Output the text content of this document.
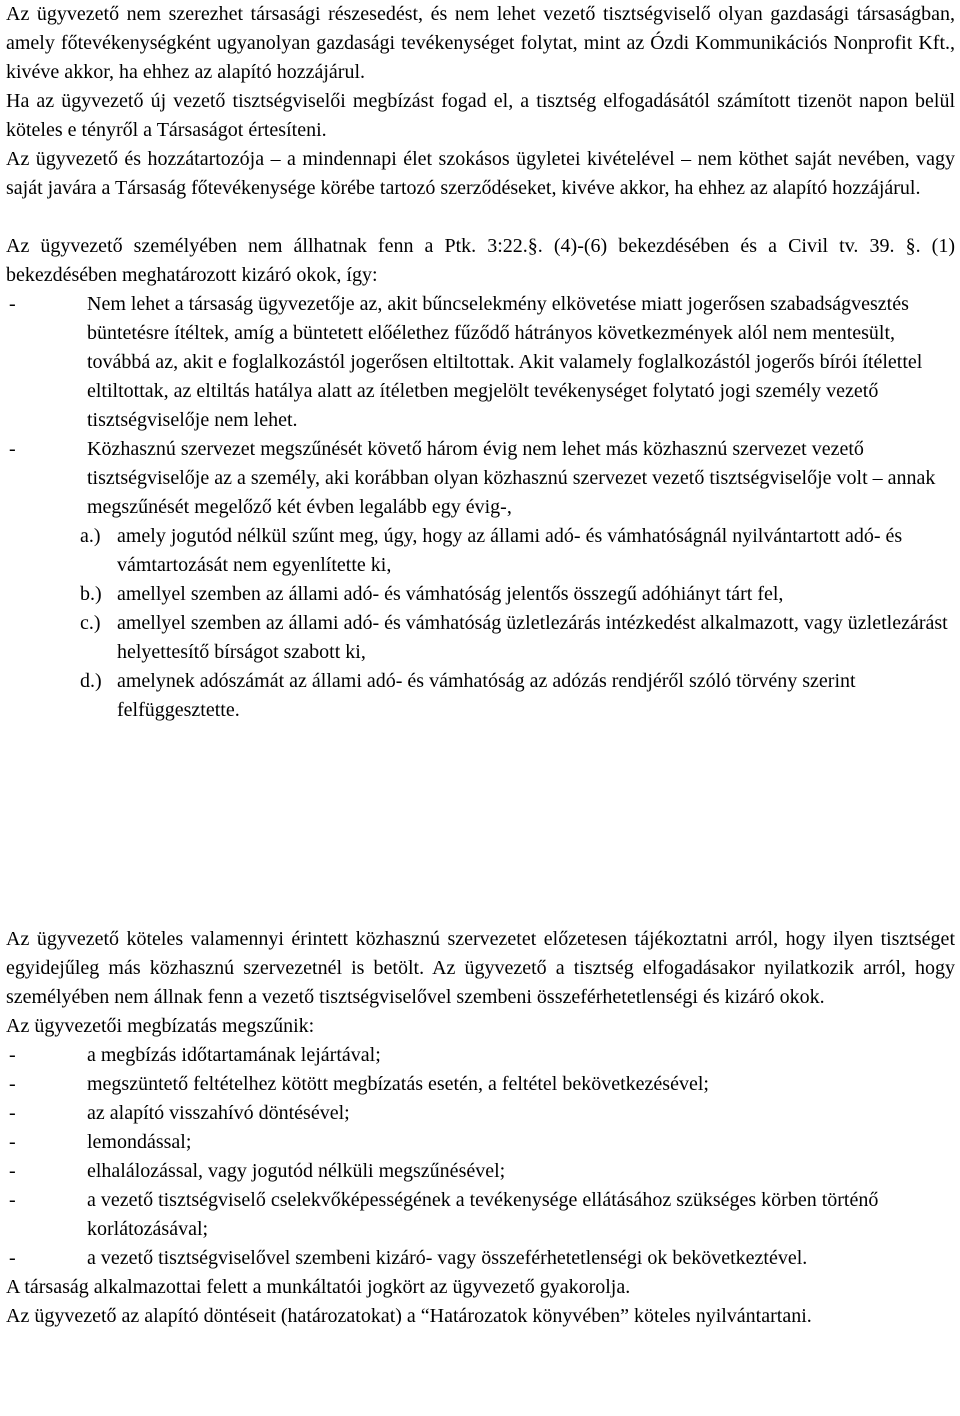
Az ügyvezető nem szerezhet társasági részesedést, és nem lehet vezető tisztségviselő olyan gazdasági társaságban, amely főtevékenységként ugyanolyan gazdasági tevékenységet folytat, mint az Ózdi Kommunikációs Nonprofit Kft., kivéve akkor, ha ehhez az alapító hozzájárul.

Ha az ügyvezető új vezető tisztségviselői megbízást fogad el, a tisztség elfogadásától számított tizenöt napon belül köteles e tényről a Társaságot értesíteni.

Az ügyvezető és hozzátartozója – a mindennapi élet szokásos ügyletei kivételével – nem köthet saját nevében, vagy saját javára a Társaság főtevékenysége körébe tartozó szerződéseket, kivéve akkor, ha ehhez az alapító hozzájárul.

Az ügyvezető személyében nem állhatnak fenn a Ptk. 3:22.§. (4)-(6) bekezdésében és a Civil tv. 39. §. (1) bekezdésében meghatározott kizáró okok, így:

-	Nem lehet a társaság ügyvezetője az, akit bűncselekmény elkövetése miatt jogerősen szabadságvesztés büntetésre ítéltek, amíg a büntetett előélethez fűződő hátrányos következmények alól nem mentesült, továbbá az, akit e foglalkozástól jogerősen eltiltottak. Akit valamely foglalkozástól jogerős bírói ítélettel eltiltottak, az eltiltás hatálya alatt az ítéletben megjelölt tevékenységet folytató jogi személy vezető tisztségviselője nem lehet.
-	Közhasznú szervezet megszűnését követő három évig nem lehet más közhasznú szervezet vezető tisztségviselője az a személy, aki korábban olyan közhasznú szervezet vezető tisztségviselője volt – annak megszűnését megelőző két évben legalább egy évig-,
a.) amely jogutód nélkül szűnt meg, úgy, hogy az állami adó- és vámhatóságnál nyilvántartott adó- és vámtartozását nem egyenlítette ki,
b.) amellyel szemben az állami adó- és vámhatóság jelentős összegű adóhiányt tárt fel,
c.) amellyel szemben az állami adó- és vámhatóság üzletlezárás intézkedést alkalmazott, vagy üzletlezárást helyettesítő bírságot szabott ki,
d.) amelynek adószámát az állami adó- és vámhatóság az adózás rendjéről szóló törvény szerint felfüggesztette.

Az ügyvezető köteles valamennyi érintett közhasznú szervezetet előzetesen tájékoztatni arról, hogy ilyen tisztséget egyidejűleg más közhasznú szervezetnél is betölt. Az ügyvezető a tisztség elfogadásakor nyilatkozik arról, hogy személyében nem állnak fenn a vezető tisztségviselővel szembeni összeférhetetlenségi és kizáró okok.

Az ügyvezetői megbízatás megszűnik:

-	a megbízás időtartamának lejártával;
-	megszüntető feltételhez kötött megbízatás esetén, a feltétel bekövetkezésével;
-	az alapító visszahívó döntésével;
-	lemondással;
-	elhalálozással, vagy jogutód nélküli megszűnésével;
-	a vezető tisztségviselő cselekvőképességének a tevékenysége ellátásához szükséges körben történő korlátozásával;
-	a vezető tisztségviselővel szembeni kizáró- vagy összeférhetetlenségi ok bekövetkeztével.

A társaság alkalmazottai felett a munkáltatói jogkört az ügyvezető gyakorolja.

Az ügyvezető az alapító döntéseit (határozatokat) a “Határozatok könyvében” köteles nyilvántartani.
